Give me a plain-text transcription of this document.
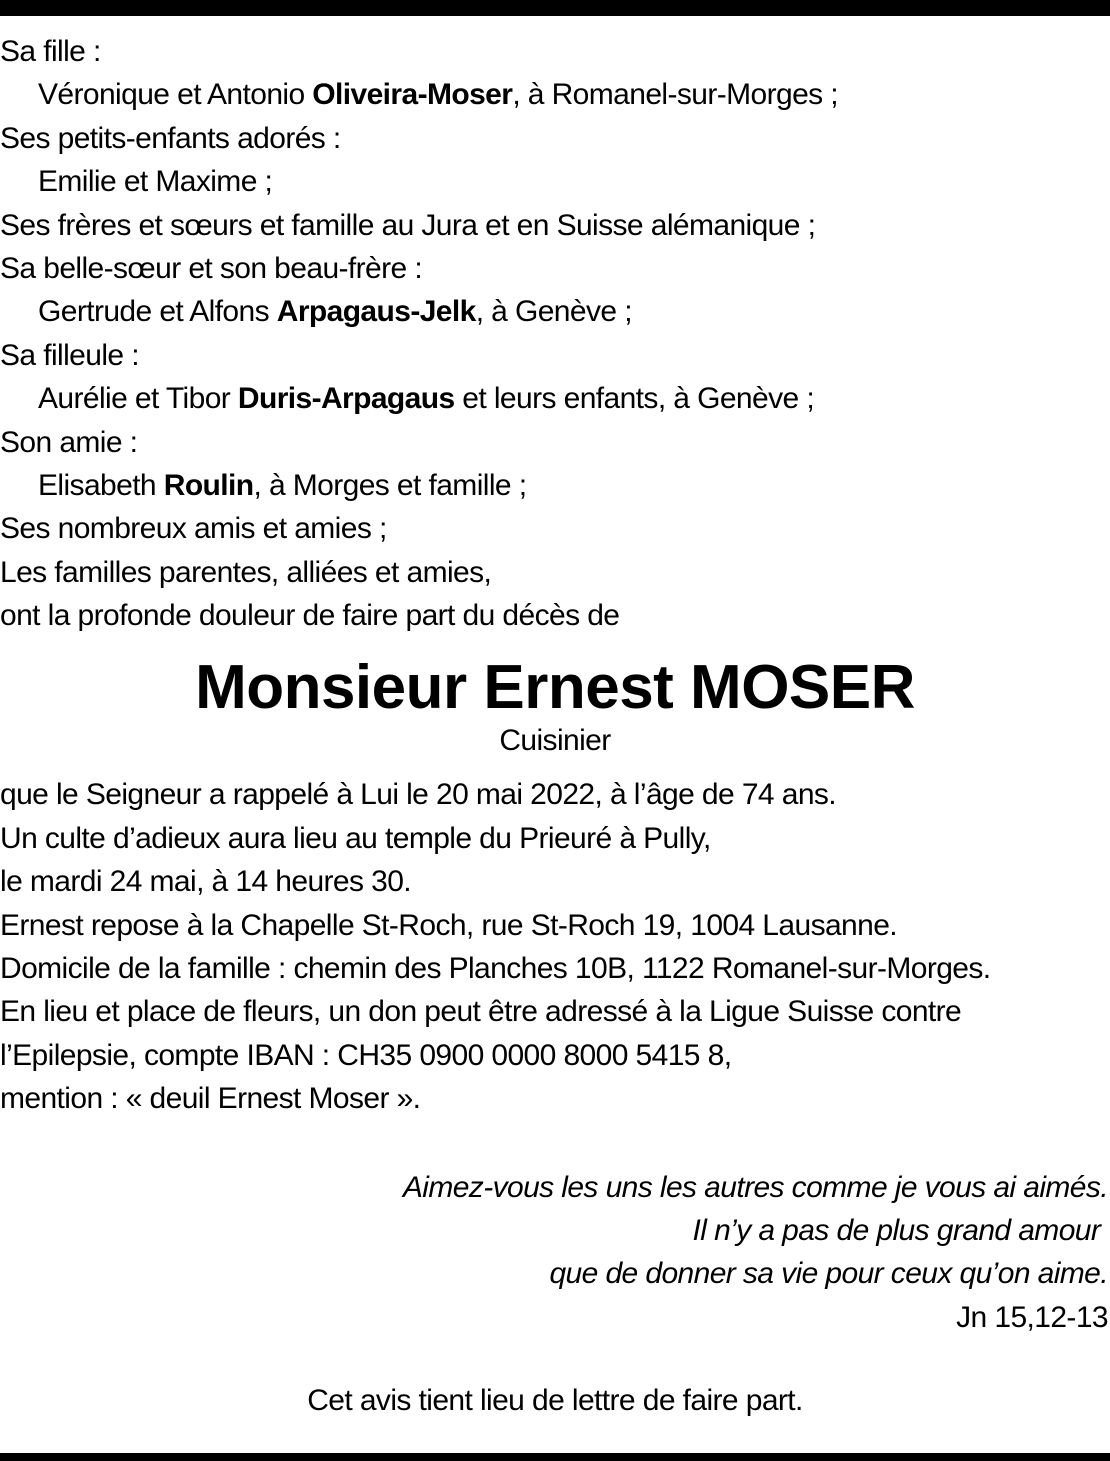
Sa fille :
Véronique et Antonio Oliveira-Moser, à Romanel-sur-Morges ;
Ses petits-enfants adorés :
Emilie et Maxime ;
Ses frères et sœurs et famille au Jura et en Suisse alémanique ;
Sa belle-sœur et son beau-frère :
Gertrude et Alfons Arpagaus-Jelk, à Genève ;
Sa filleule :
Aurélie et Tibor Duris-Arpagaus et leurs enfants, à Genève ;
Son amie :
Elisabeth Roulin, à Morges et famille ;
Ses nombreux amis et amies ;
Les familles parentes, alliées et amies,
ont la profonde douleur de faire part du décès de
Monsieur Ernest MOSER
Cuisinier
que le Seigneur a rappelé à Lui le 20 mai 2022, à l’âge de 74 ans.
Un culte d’adieux aura lieu au temple du Prieuré à Pully,
le mardi 24 mai, à 14 heures 30.
Ernest repose à la Chapelle St-Roch, rue St-Roch 19, 1004 Lausanne.
Domicile de la famille : chemin des Planches 10B, 1122 Romanel-sur-Morges.
En lieu et place de fleurs, un don peut être adressé à la Ligue Suisse contre
l’Epilepsie, compte IBAN : CH35 0900 0000 8000 5415 8,
mention : « deuil Ernest Moser ».
Aimez-vous les uns les autres comme je vous ai aimés.
Il n’y a pas de plus grand amour
que de donner sa vie pour ceux qu’on aime.
Jn 15,12-13
Cet avis tient lieu de lettre de faire part.
